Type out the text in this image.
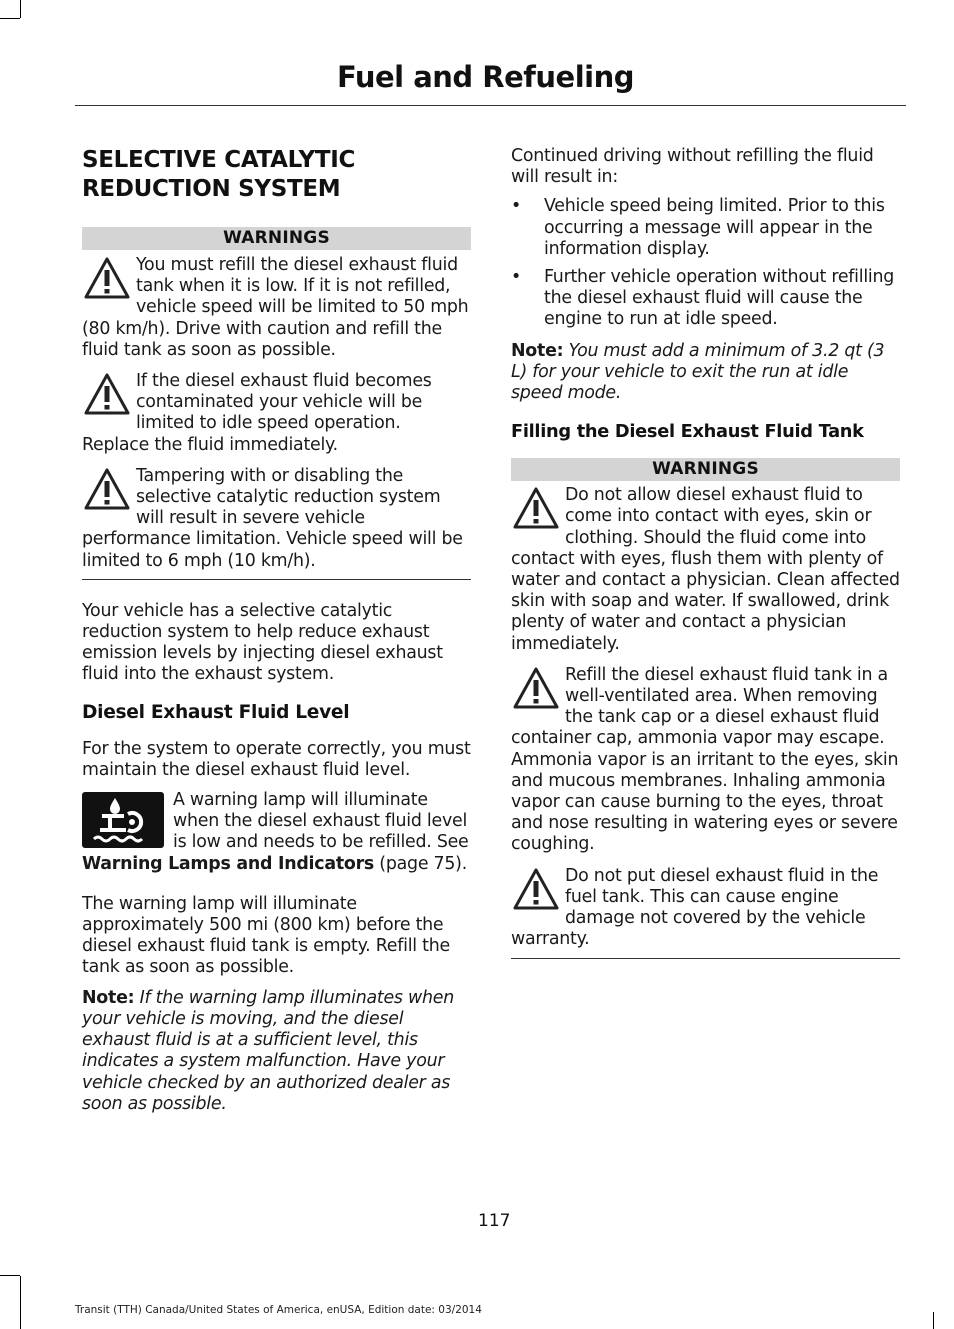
Fuel and Refueling
SELECTIVE CATALYTIC
REDUCTION SYSTEM
WARNINGS

You must refill the diesel exhaust fluid tank when it is low. If it is not refilled, vehicle speed will be limited to 50 mph (80 km/h). Drive with caution and refill the fluid tank as soon as possible.

If the diesel exhaust fluid becomes contaminated your vehicle will be limited to idle speed operation. Replace the fluid immediately.

Tampering with or disabling the selective catalytic reduction system will result in severe vehicle performance limitation. Vehicle speed will be limited to 6 mph (10 km/h).

Your vehicle has a selective catalytic reduction system to help reduce exhaust emission levels by injecting diesel exhaust fluid into the exhaust system.

Diesel Exhaust Fluid Level

For the system to operate correctly, you must maintain the diesel exhaust fluid level.

A warning lamp will illuminate when the diesel exhaust fluid level is low and needs to be refilled. See Warning Lamps and Indicators (page 75).

The warning lamp will illuminate approximately 500 mi (800 km) before the diesel exhaust fluid tank is empty. Refill the tank as soon as possible.

Note: If the warning lamp illuminates when your vehicle is moving, and the diesel exhaust fluid is at a sufficient level, this indicates a system malfunction. Have your vehicle checked by an authorized dealer as soon as possible.

Continued driving without refilling the fluid will result in:

• Vehicle speed being limited. Prior to this occurring a message will appear in the information display.
• Further vehicle operation without refilling the diesel exhaust fluid will cause the engine to run at idle speed.

Note: You must add a minimum of 3.2 qt (3 L) for your vehicle to exit the run at idle speed mode.

Filling the Diesel Exhaust Fluid Tank
WARNINGS

Do not allow diesel exhaust fluid to come into contact with eyes, skin or clothing. Should the fluid come into contact with eyes, flush them with plenty of water and contact a physician. Clean affected skin with soap and water. If swallowed, drink plenty of water and contact a physician immediately.

Refill the diesel exhaust fluid tank in a well-ventilated area. When removing the tank cap or a diesel exhaust fluid container cap, ammonia vapor may escape. Ammonia vapor is an irritant to the eyes, skin and mucous membranes. Inhaling ammonia vapor can cause burning to the eyes, throat and nose resulting in watering eyes or severe coughing.

Do not put diesel exhaust fluid in the fuel tank. This can cause engine damage not covered by the vehicle warranty.

117
Transit (TTH) Canada/United States of America, enUSA, Edition date: 03/2014
